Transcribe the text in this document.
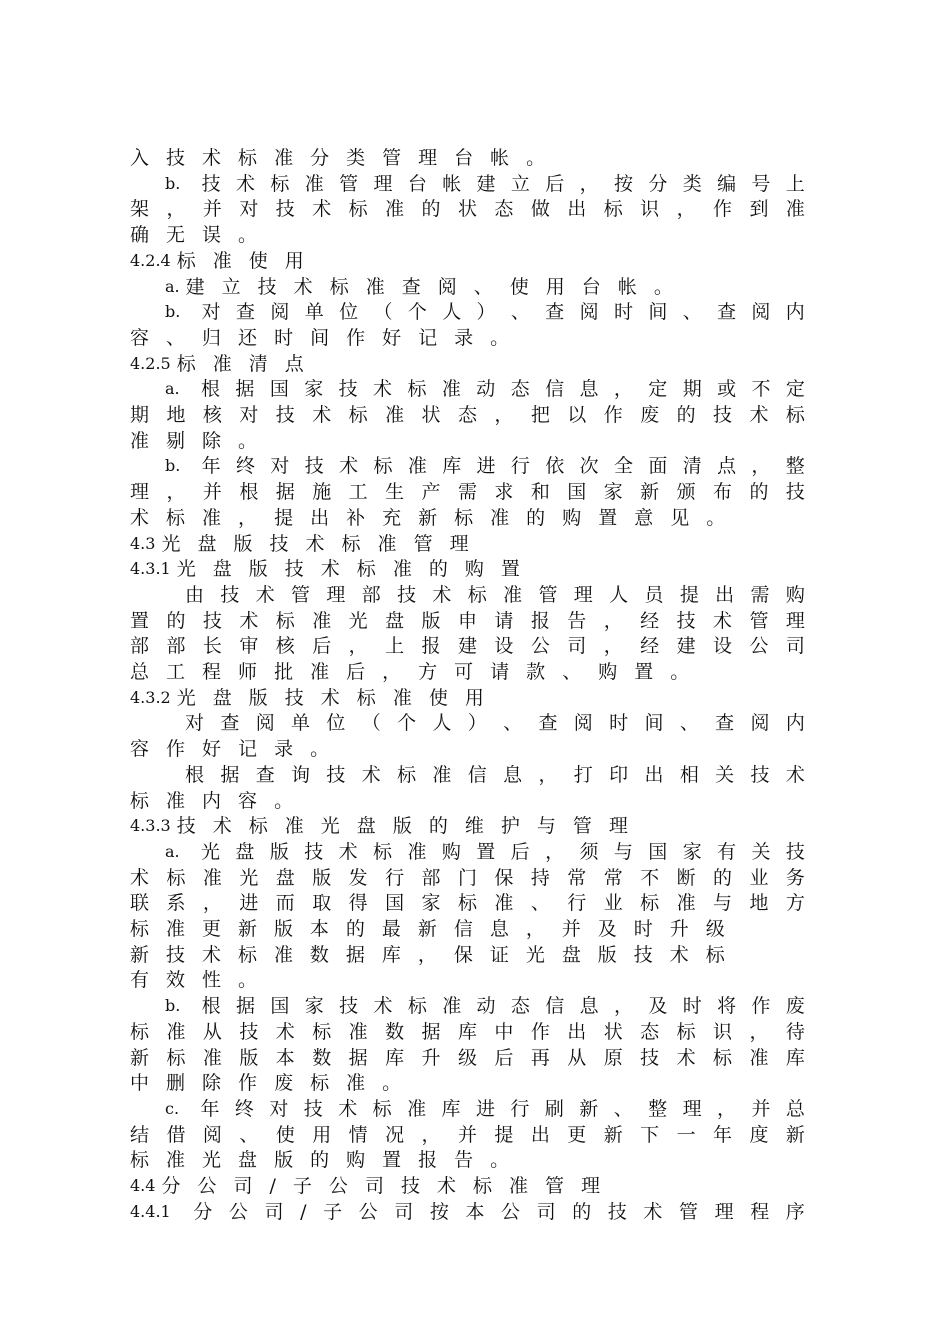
入 技 术 标 准 分 类 管 理 台 帐 。
b. 技 术 标 准 管 理 台 帐 建 立 后 ， 按 分 类 编 号 上
架 ， 并 对 技 术 标 准 的 状 态 做 出 标 识 ， 作 到 准
确 无 误 。
4.2.4 标 准 使 用
a. 建 立 技 术 标 准 查 阅 、 使 用 台 帐 。
b. 对 查 阅 单 位 （ 个 人 ） 、 查 阅 时 间 、 查 阅 内
容 、 归 还 时 间 作 好 记 录 。
4.2.5 标 准 清 点
a. 根 据 国 家 技 术 标 准 动 态 信 息 ， 定 期 或 不 定
期 地 核 对 技 术 标 准 状 态 ， 把 以 作 废 的 技 术 标
准 剔 除 。
b. 年 终 对 技 术 标 准 库 进 行 依 次 全 面 清 点 ， 整
理 ， 并 根 据 施 工 生 产 需 求 和 国 家 新 颁 布 的 技
术 标 准 ， 提 出 补 充 新 标 准 的 购 置 意 见 。
4.3 光 盘 版 技 术 标 准 管 理
4.3.1 光 盘 版 技 术 标 准 的 购 置
由 技 术 管 理 部 技 术 标 准 管 理 人 员 提 出 需 购
置 的 技 术 标 准 光 盘 版 申 请 报 告 ， 经 技 术 管 理
部 部 长 审 核 后 ， 上 报 建 设 公 司 ， 经 建 设 公 司
总 工 程 师 批 准 后 ， 方 可 请 款 、 购 置 。
4.3.2 光 盘 版 技 术 标 准 使 用
对 查 阅 单 位 （ 个 人 ） 、 查 阅 时 间 、 查 阅 内
容 作 好 记 录 。
根 据 查 询 技 术 标 准 信 息 ， 打 印 出 相 关 技 术
标 准 内 容 。
4.3.3 技 术 标 准 光 盘 版 的 维 护 与 管 理
a. 光 盘 版 技 术 标 准 购 置 后 ， 须 与 国 家 有 关 技
术 标 准 光 盘 版 发 行 部 门 保 持 常 常 不 断 的 业 务
联 系 ， 进 而 取 得 国 家 标 准 、 行 业 标 准 与 地 方
标 准 更 新 版 本 的 最 新 信 息 ， 并 及 时 升 级
新 技 术 标 准 数 据 库 ， 保 证 光 盘 版 技 术 标
有 效 性 。
b. 根 据 国 家 技 术 标 准 动 态 信 息 ， 及 时 将 作 废
标 准 从 技 术 标 准 数 据 库 中 作 出 状 态 标 识 ， 待
新 标 准 版 本 数 据 库 升 级 后 再 从 原 技 术 标 准 库
中 删 除 作 废 标 准 。
c. 年 终 对 技 术 标 准 库 进 行 刷 新 、 整 理 ， 并 总
结 借 阅 、 使 用 情 况 ， 并 提 出 更 新 下 一 年 度 新
标 准 光 盘 版 的 购 置 报 告 。
4.4 分 公 司 / 子 公 司 技 术 标 准 管 理
4.4.1 分 公 司 / 子 公 司 按 本 公 司 的 技 术 管 理 程 序
